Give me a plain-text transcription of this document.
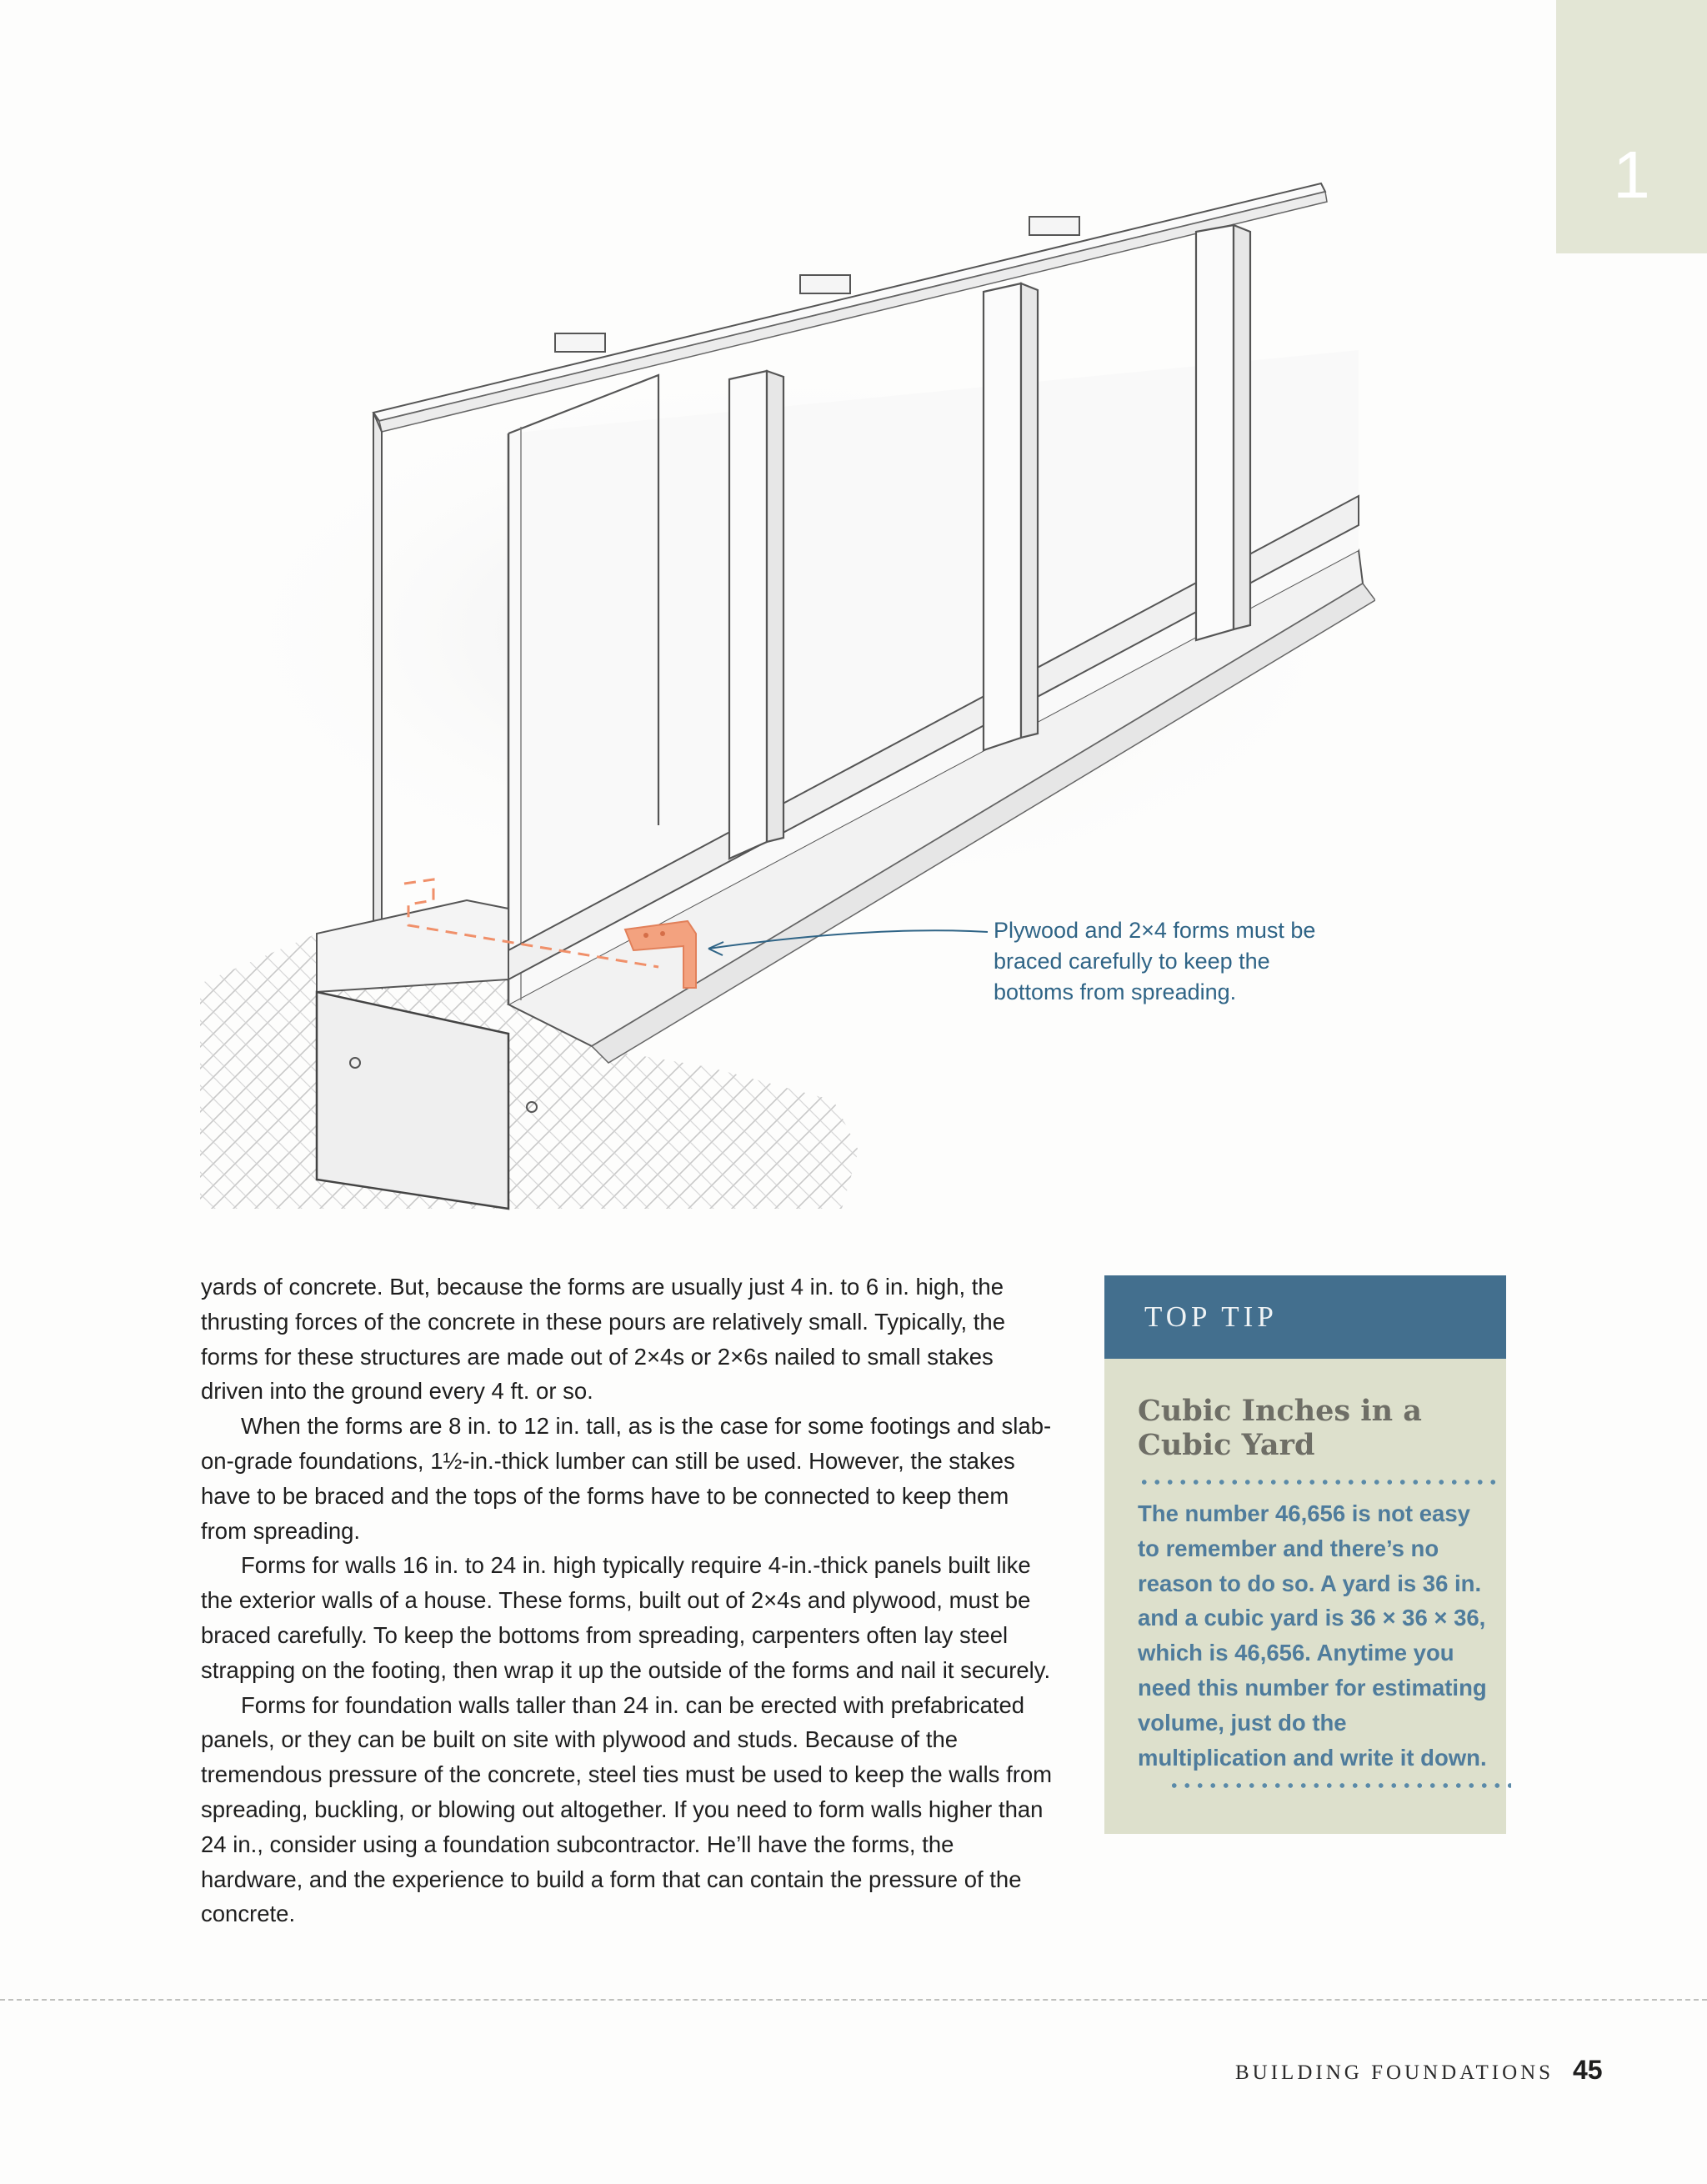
1
Plywood and 2×4 forms must be braced carefully to keep the bottoms from spreading.

yards of concrete. But, because the forms are usually just 4 in. to 6 in. high, the thrusting forces of the concrete in these pours are relatively small. Typically, the forms for these structures are made out of 2×4s or 2×6s nailed to small stakes driven into the ground every 4 ft. or so.

When the forms are 8 in. to 12 in. tall, as is the case for some footings and slab-on-grade foundations, 1½-in.-thick lumber can still be used. However, the stakes have to be braced and the tops of the forms have to be connected to keep them from spreading.

Forms for walls 16 in. to 24 in. high typically require 4-in.-thick panels built like the exterior walls of a house. These forms, built out of 2×4s and plywood, must be braced carefully. To keep the bottoms from spreading, carpenters often lay steel strapping on the footing, then wrap it up the outside of the forms and nail it securely.

Forms for foundation walls taller than 24 in. can be erected with prefabricated panels, or they can be built on site with plywood and studs. Because of the tremendous pressure of the concrete, steel ties must be used to keep the walls from spreading, buckling, or blowing out altogether. If you need to form walls higher than 24 in., consider using a foundation subcontractor. He’ll have the forms, the hardware, and the experience to build a form that can contain the pressure of the concrete.

TOP TIP
Cubic Inches in a Cubic Yard
The number 46,656 is not easy to remember and there’s no reason to do so. A yard is 36 in. and a cubic yard is 36 × 36 × 36, which is 46,656. Anytime you need this number for estimating volume, just do the multiplication and write it down.
BUILDING FOUNDATIONS 45
